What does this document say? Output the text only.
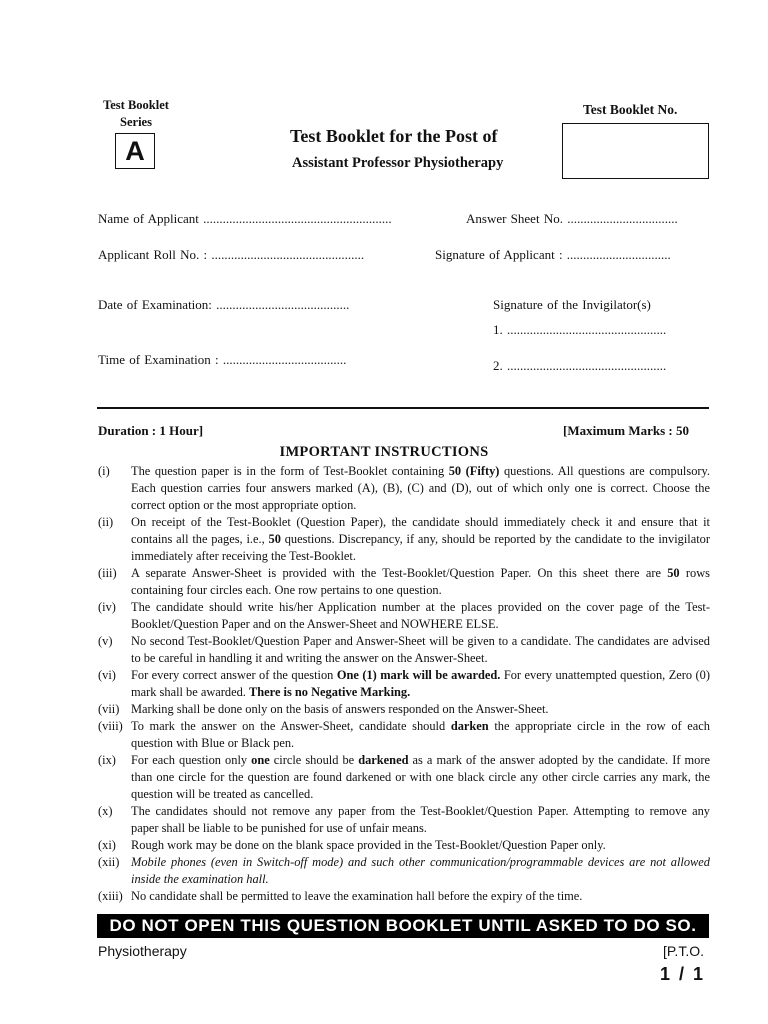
Test Booklet
Series
A	Test Booklet for the Post of
Assistant Professor Physiotherapy
Test Booklet No.
Name of Applicant ..........................................................	Answer Sheet No. ..................................
Applicant Roll No. : ...............................................	Signature of Applicant : ................................
Date of Examination: .........................................	Signature of the Invigilator(s)
1. .................................................
Time of Examination : ......................................	2. .................................................
Duration : 1 Hour]	[Maximum Marks : 50
IMPORTANT INSTRUCTIONS
(i)	The question paper is in the form of Test-Booklet containing 50 (Fifty) questions. All questions are compulsory. Each question carries four answers marked (A), (B), (C) and (D), out of which only one is correct. Choose the correct option or the most appropriate option.
(ii)	On receipt of the Test-Booklet (Question Paper), the candidate should immediately check it and ensure that it contains all the pages, i.e., 50 questions. Discrepancy, if any, should be reported by the candidate to the invigilator immediately after receiving the Test-Booklet.
(iii)	A separate Answer-Sheet is provided with the Test-Booklet/Question Paper. On this sheet there are 50 rows containing four circles each. One row pertains to one question.
(iv)	The candidate should write his/her Application number at the places provided on the cover page of the Test-Booklet/Question Paper and on the Answer-Sheet and NOWHERE ELSE.
(v)	No second Test-Booklet/Question Paper and Answer-Sheet will be given to a candidate. The candidates are advised to be careful in handling it and writing the answer on the Answer-Sheet.
(vi)	For every correct answer of the question One (1) mark will be awarded. For every unattempted question, Zero (0) mark shall be awarded. There is no Negative Marking.
(vii) Marking shall be done only on the basis of answers responded on the Answer-Sheet.
(viii) To mark the answer on the Answer-Sheet, candidate should darken the appropriate circle in the row of each question with Blue or Black pen.
(ix)	For each question only one circle should be darkened as a mark of the answer adopted by the candidate. If more than one circle for the question are found darkened or with one black circle any other circle carries any mark, the question will be treated as cancelled.
(x)	The candidates should not remove any paper from the Test-Booklet/Question Paper. Attempting to remove any paper shall be liable to be punished for use of unfair means.
(xi)	Rough work may be done on the blank space provided in the Test-Booklet/Question Paper only.
(xii) Mobile phones (even in Switch-off mode) and such other communication/programmable devices are not allowed inside the examination hall.
(xiii) No candidate shall be permitted to leave the examination hall before the expiry of the time.
DO NOT OPEN THIS QUESTION BOOKLET UNTIL ASKED TO DO SO.
Physiotherapy	[P.T.O.
1 / 1
